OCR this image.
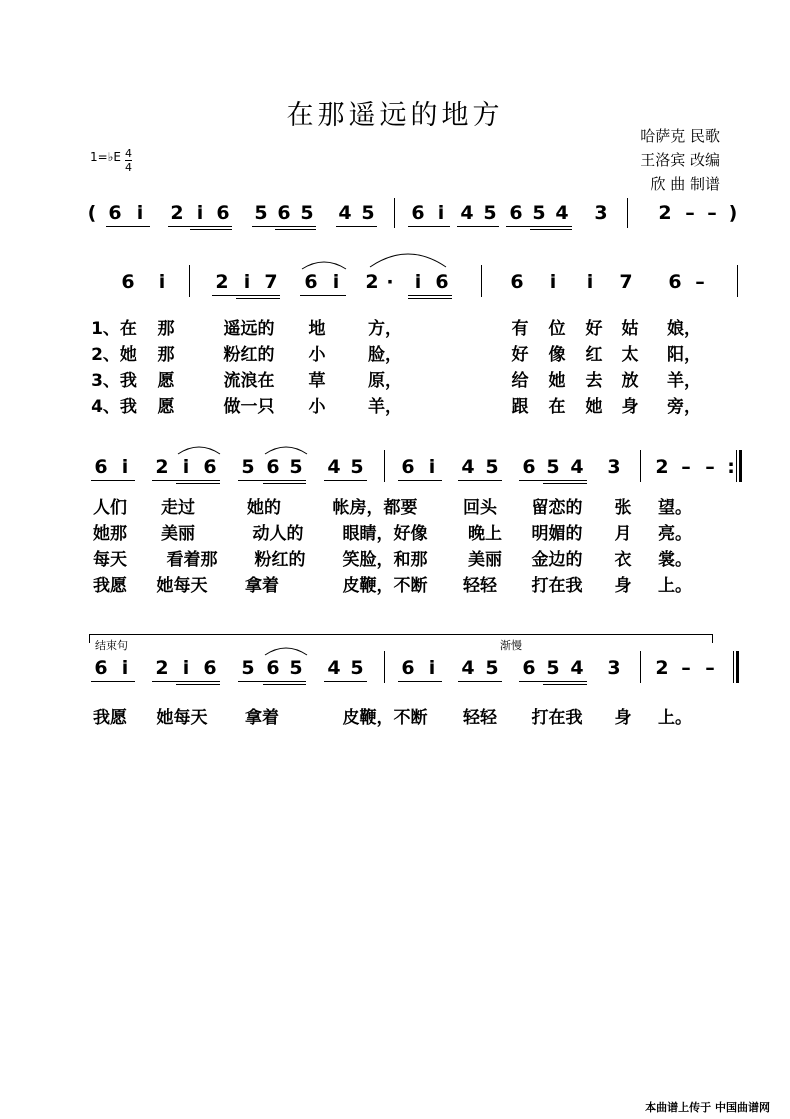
在那遥远的地方
哈萨克 民歌
王洛宾 改编
欣 曲 制谱
1=♭E $\frac{4}{4}$
( 6 i 2 i 6 5 6 5 4 5 6 i 4 5 6 5 4 3	2 – – )
6 i	2 i 7 6 i 2 · i 6	6 i i 7 6 –
1、在 那	遥远的 地	方，	有 位 好 姑 娘，
2、她 那	粉红的 小	脸，	好 像 红 太 阳，
3、我 愿	流浪在 草	原，	给 她 去 放 羊，
4、我 愿	做一只 小	羊，	跟 在 她 身 旁，
6 i 2 i 6 5 6 5 4 5 6 i 4 5 6 5 4 3 2 – – :
人们 走过	她的	帐房，都要	回头 留恋的 张 望。
她那 美丽	动人的 眼睛，好像 晚上 明媚的 月 亮。
每天 看着那 粉红的 笑脸，和那 美丽 金边的 衣 裳。
我愿 她每天 拿着	皮鞭，不断 轻轻 打在我 身 上。
结束句	渐慢
6 i 2 i 6 5 6 5 4 5 6 i 4 5 6 5 4 3 2 – –
我愿 她每天 拿着	皮鞭，不断 轻轻 打在我 身 上。
本曲谱上传于 中国曲谱网
